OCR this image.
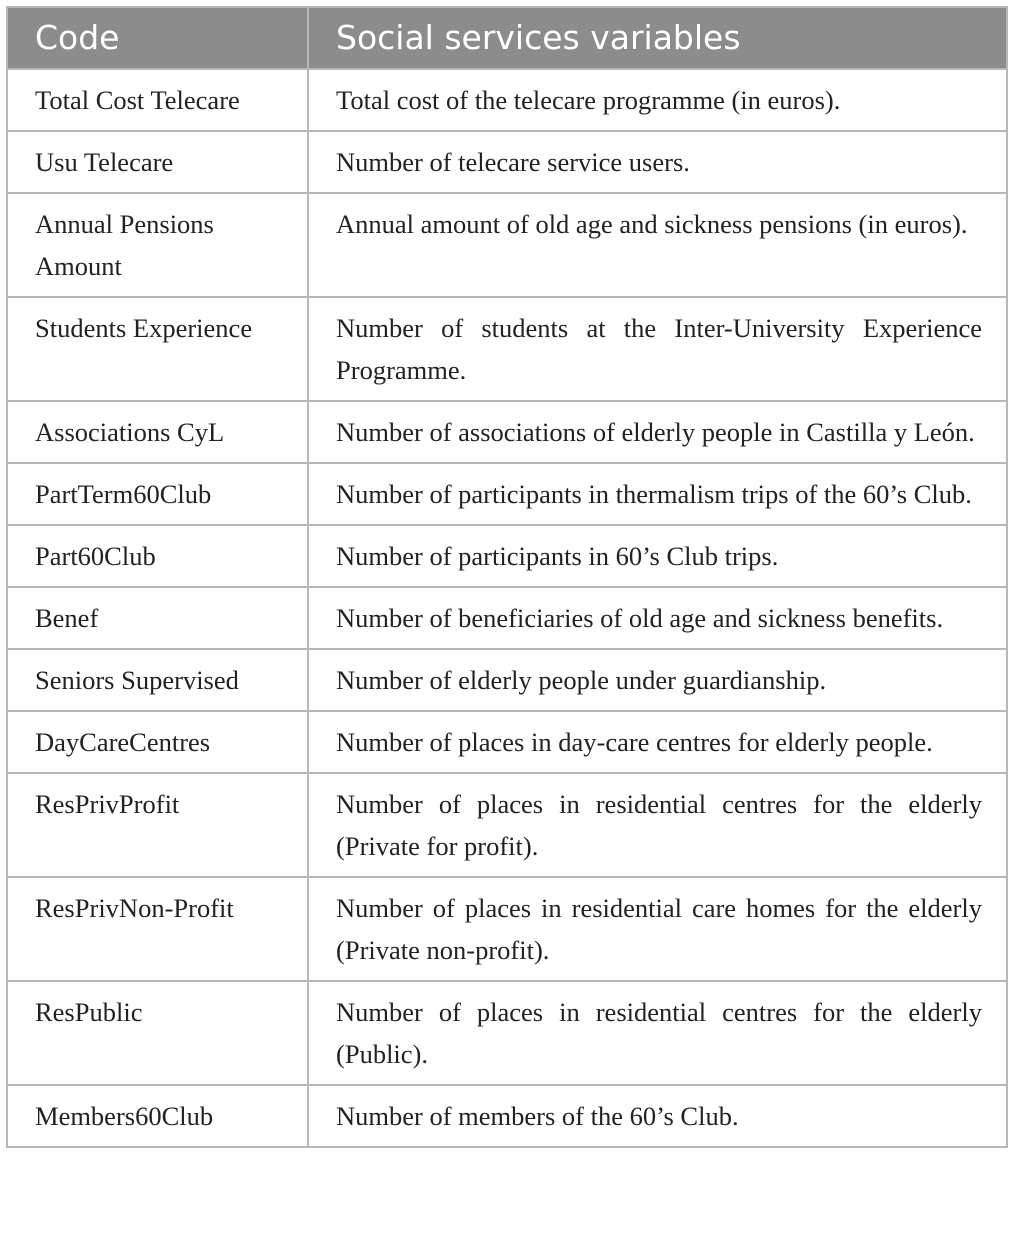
Code	Social services variables
Total Cost Telecare	Total cost of the telecare programme (in euros).
Usu Telecare	Number of telecare service users.
Annual Pensions Amount	Annual amount of old age and sickness pensions (in euros).
Students Experience	Number of students at the Inter-University Experience Programme.
Associations CyL	Number of associations of elderly people in Castilla y León.
PartTerm60Club	Number of participants in thermalism trips of the 60’s Club.
Part60Club	Number of participants in 60’s Club trips.
Benef	Number of beneficiaries of old age and sickness benefits.
Seniors Supervised	Number of elderly people under guardianship.
DayCareCentres	Number of places in day-care centres for elderly people.
ResPrivProfit	Number of places in residential centres for the elderly (Private for profit).
ResPrivNon-Profit	Number of places in residential care homes for the elderly (Private non-profit).
ResPublic	Number of places in residential centres for the elderly (Public).
Members60Club	Number of members of the 60’s Club.
